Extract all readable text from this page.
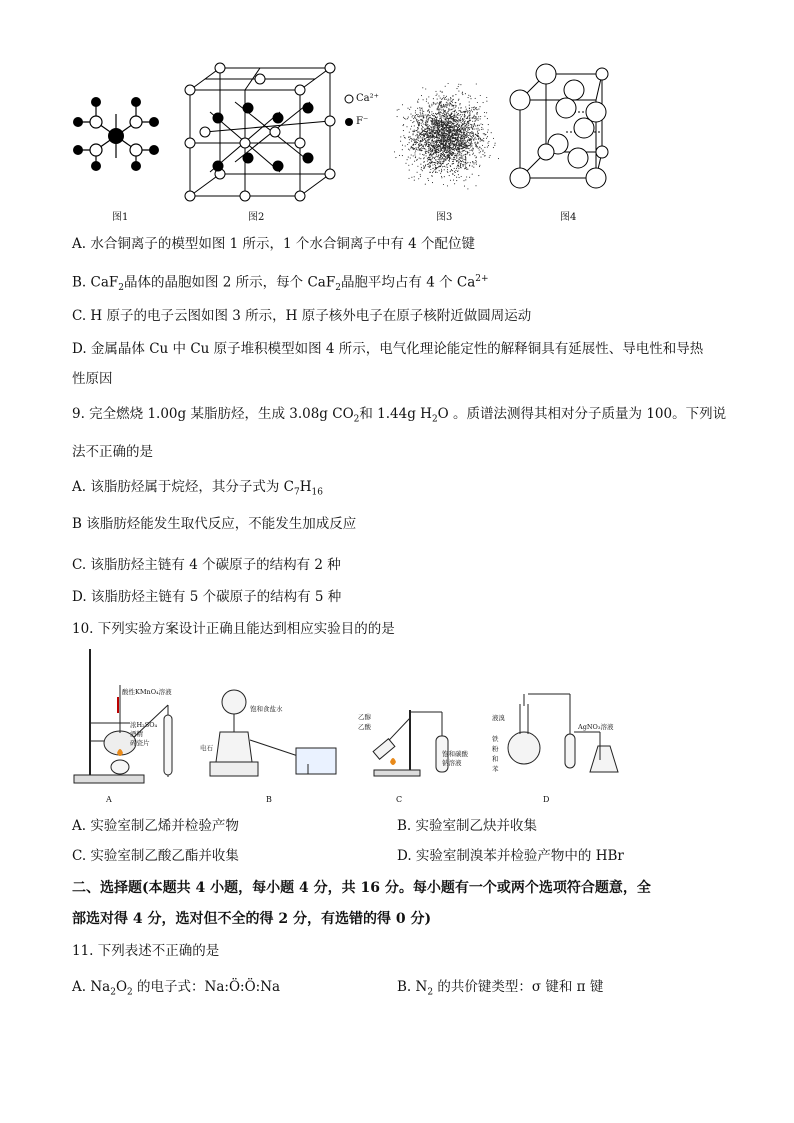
图1	图2
Ca²⁺
F⁻
图3	图4
A. 水合铜离子的模型如图 1 所示，1 个水合铜离子中有 4 个配位键
B. CaF$_2$晶体的晶胞如图 2 所示，每个 CaF$_2$晶胞平均占有 4 个 $Ca^{2+}$
C. H 原子的电子云图如图 3 所示，H 原子核外电子在原子核附近做圆周运动
D. 金属晶体 Cu 中 Cu 原子堆积模型如图 4 所示，电气化理论能定性的解释铜具有延展性、导电性和导热
性原因
9. 完全燃烧 1.00g 某脂肪烃，生成 3.08g $CO_2$和 1.44g $H_2O$ 。质谱法测得其相对分子质量为 100。下列说
法不正确的是
A. 该脂肪烃属于烷烃，其分子式为 $C_7H_{16}$
B 该脂肪烃能发生取代反应，不能发生加成反应
C. 该脂肪烃主链有 4 个碳原子的结构有 2 种
D. 该脂肪烃主链有 5 个碳原子的结构有 5 种
10. 下列实验方案设计正确且能达到相应实验目的的是
酸性KMnO₄溶液
浓H₂SO₄
酒精
碎瓷片
A
饱和食盐水
电石
B
乙醇
乙酸
饱和碳酸
钠溶液
C
液溴
铁
粉
和
苯
AgNO₃溶液
D
A. 实验室制乙烯并检验产物	B. 实验室制乙炔并收集
C. 实验室制乙酸乙酯并收集	D. 实验室制溴苯并检验产物中的 HBr
二、选择题(本题共 4 小题，每小题 4 分，共 16 分。每小题有一个或两个选项符合题意，全
部选对得 4 分，选对但不全的得 2 分，有选错的得 0 分)
11. 下列表述不正确的是
A. $Na_2O_2$ 的电子式：Na:Ö:Ö:Na	B. $N_2$ 的共价键类型：σ 键和 π 键
